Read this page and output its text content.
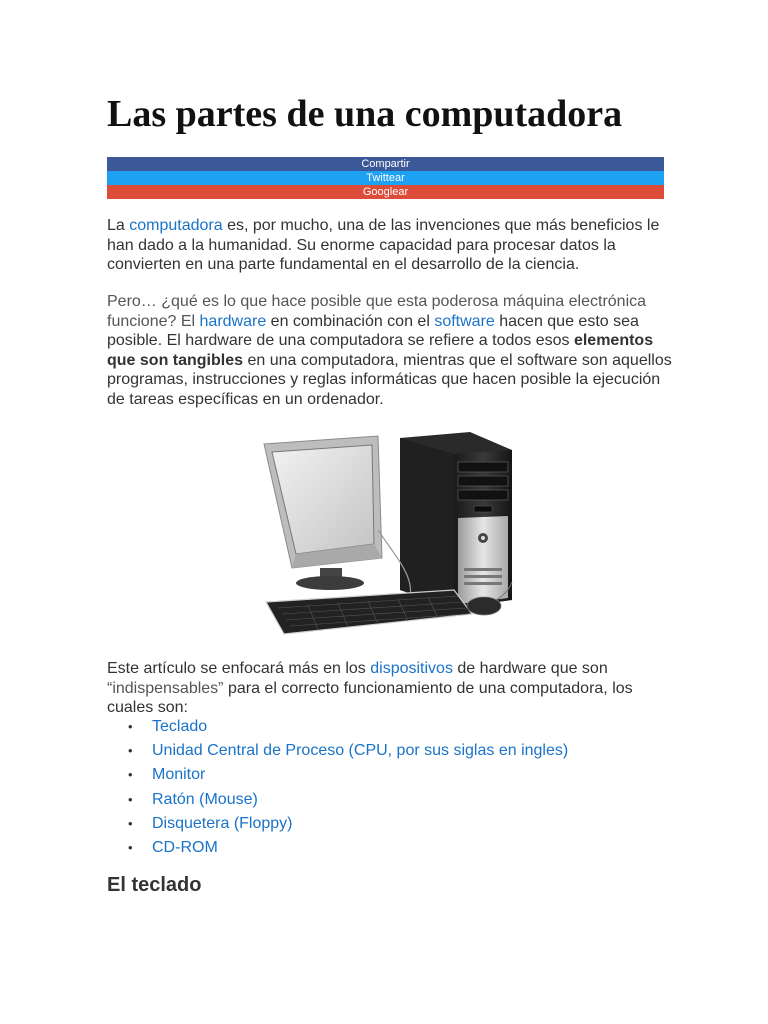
Las partes de una computadora
Compartir
Twittear
Googlear

La computadora es, por mucho, una de las invenciones que más beneficios le han dado a la humanidad. Su enorme capacidad para procesar datos la convierten en una parte fundamental en el desarrollo de la ciencia.

Pero… ¿qué es lo que hace posible que esta poderosa máquina electrónica funcione? El hardware en combinación con el software hacen que esto sea posible. El hardware de una computadora se refiere a todos esos elementos que son tangibles en una computadora, mientras que el software son aquellos programas, instrucciones y reglas informáticas que hacen posible la ejecución de tareas específicas en un ordenador.

Este artículo se enfocará más en los dispositivos de hardware que son “indispensables” para el correcto funcionamiento de una computadora, los cuales son:

• Teclado
• Unidad Central de Proceso (CPU, por sus siglas en ingles)
• Monitor
• Ratón (Mouse)
• Disquetera (Floppy)
• CD-ROM
El teclado
